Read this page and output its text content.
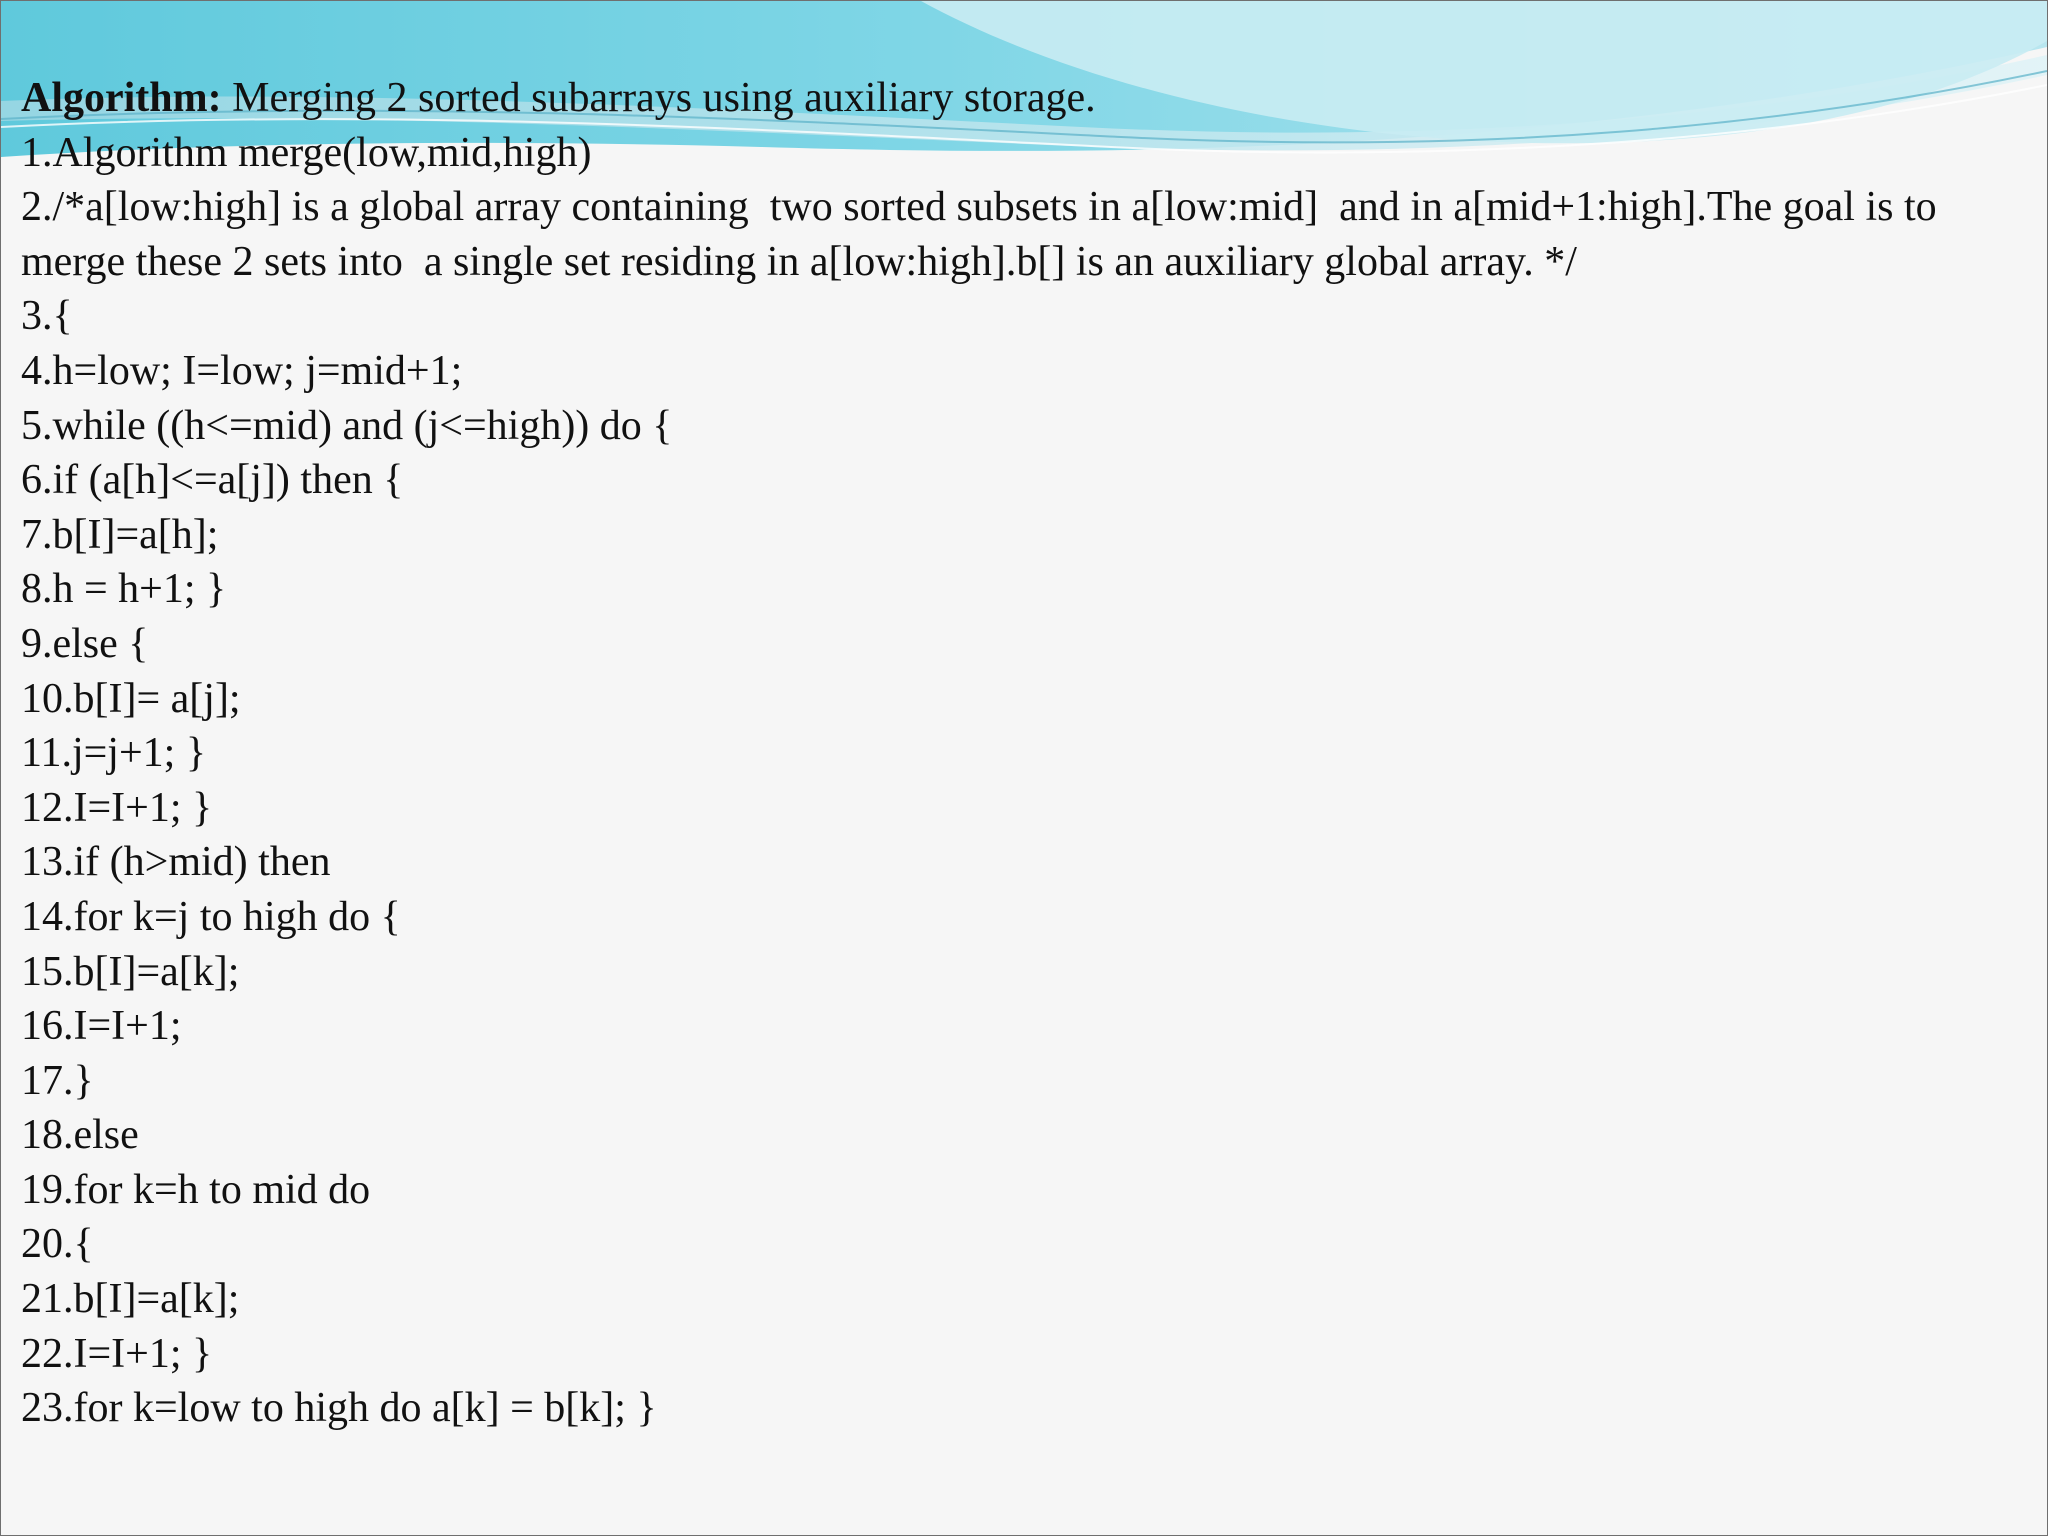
Algorithm: Merging 2 sorted subarrays using auxiliary storage.
1.Algorithm merge(low,mid,high)
2./*a[low:high] is a global array containing  two sorted subsets in a[low:mid]  and in a[mid+1:high].The goal is to merge these 2 sets into  a single set residing in a[low:high].b[] is an auxiliary global array. */
3.{
4.h=low; I=low; j=mid+1;
5.while ((h<=mid) and (j<=high)) do {
6.if (a[h]<=a[j]) then {
7.b[I]=a[h];
8.h = h+1; }
9.else {
10.b[I]= a[j];
11.j=j+1; }
12.I=I+1; }
13.if (h>mid) then
14.for k=j to high do {
15.b[I]=a[k];
16.I=I+1;
17.}
18.else
19.for k=h to mid do
20.{
21.b[I]=a[k];
22.I=I+1; }
23.for k=low to high do a[k] = b[k]; }
